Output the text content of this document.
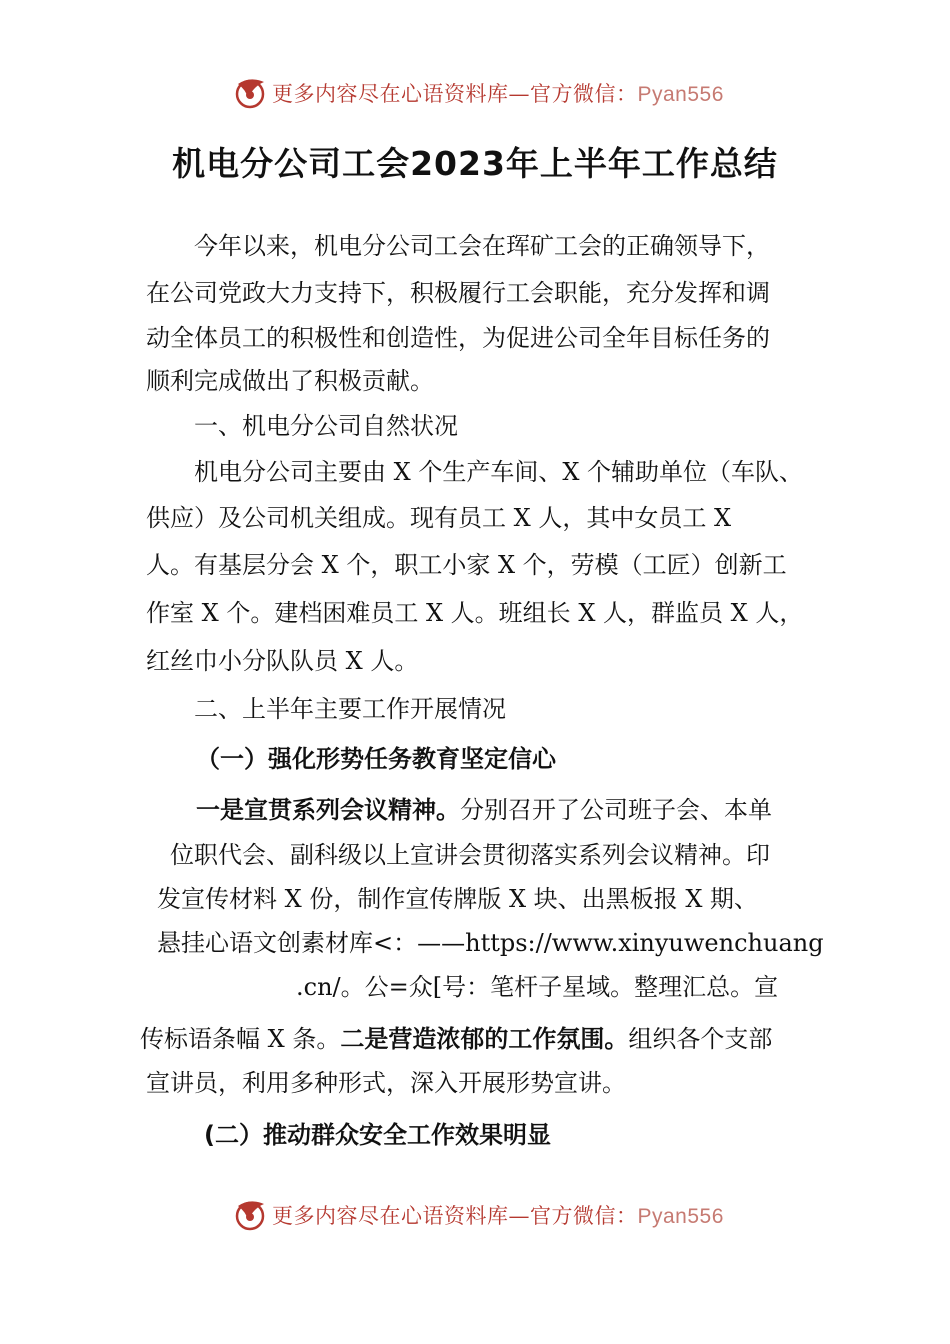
更多内容尽在心语资料库—官方微信：Pyan556
机电分公司工会2023年上半年工作总结
今年以来，机电分公司工会在珲矿工会的正确领导下，
在公司党政大力支持下，积极履行工会职能，充分发挥和调
动全体员工的积极性和创造性，为促进公司全年目标任务的
顺利完成做出了积极贡献。
一、机电分公司自然状况
机电分公司主要由 X 个生产车间、X 个辅助单位（车队、
供应）及公司机关组成。现有员工 X 人，其中女员工 X
人。有基层分会 X 个，职工小家 X 个，劳模（工匠）创新工
作室 X 个。建档困难员工 X 人。班组长 X 人，群监员 X 人，
红丝巾小分队队员 X 人。
二、上半年主要工作开展情况
（一）强化形势任务教育坚定信心
一是宣贯系列会议精神。分别召开了公司班子会、本单
位职代会、副科级以上宣讲会贯彻落实系列会议精神。印
发宣传材料 X 份，制作宣传牌版 X 块、出黑板报 X 期、
悬挂心语文创素材库<：——https://www.xinyuwenchuang
.cn/。公=众[号：笔杆子星域。整理汇总。宣
传标语条幅 X 条。二是营造浓郁的工作氛围。组织各个支部
宣讲员，利用多种形式，深入开展形势宣讲。
(二）推动群众安全工作效果明显
更多内容尽在心语资料库—官方微信：Pyan556
